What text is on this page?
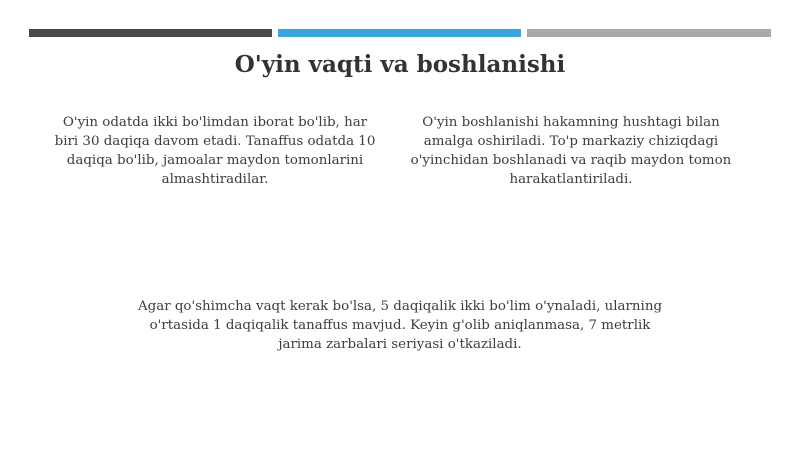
O'yin vaqti va boshlanishi
O'yin odatda ikki bo'limdan iborat bo'lib, har biri 30 daqiqa davom etadi. Tanaffus odatda 10 daqiqa bo'lib, jamoalar maydon tomonlarini almashtiradilar.
O'yin boshlanishi hakamning hushtagi bilan amalga oshiriladi. To'p markaziy chiziqdagi o'yinchidan boshlanadi va raqib maydon tomon harakatlantiriladi.
Agar qo'shimcha vaqt kerak bo'lsa, 5 daqiqalik ikki bo'lim o'ynaladi, ularning o'rtasida 1 daqiqalik tanaffus mavjud. Keyin g'olib aniqlanmasa, 7 metrlik jarima zarbalari seriyasi o'tkaziladi.
